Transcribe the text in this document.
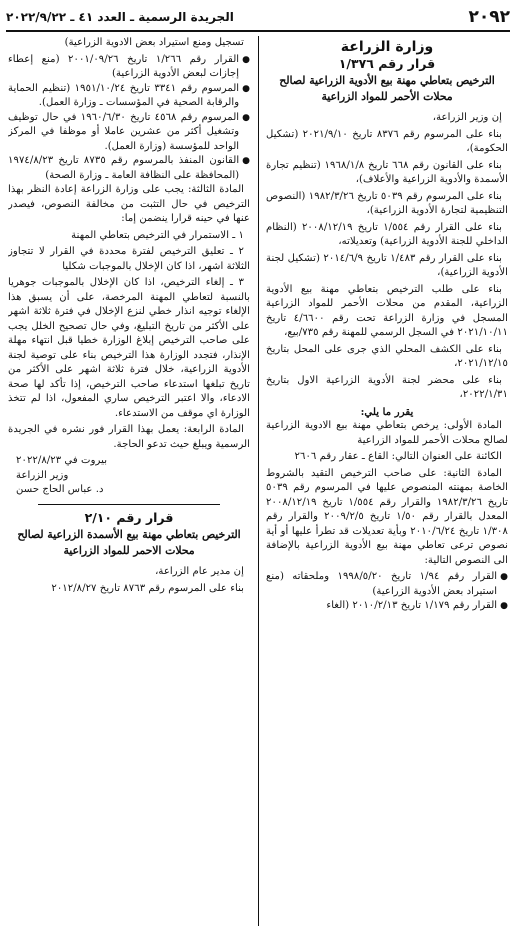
٢٠٩٢
الجريدة الرسمية ـ العدد ٤١ ـ ٢٠٢٢/٩/٢٢
وزارة الزراعة
قرار رقم ١/٣٧٦
الترخيص بتعاطي مهنة بيع الأدوية الزراعية لصالح محلات الأحمر للمواد الزراعية

إن وزير الزراعة،

بناء على المرسوم رقم ٨٣٧٦ تاريخ ٢٠٢١/٩/١٠ (تشكيل الحكومة)،

بناء على القانون رقم ٦٦٨ تاريخ ١٩٦٨/١/٨ (تنظيم تجارة الأسمدة والأدوية الزراعية والأعلاف)،

بناء على المرسوم رقم ٥٠٣٩ تاريخ ١٩٨٢/٣/٢٦ (النصوص التنظيمية لتجارة الأدوية الزراعية)،

بناء على القرار رقم ١/٥٥٤ تاريخ ٢٠٠٨/١٢/١٩ (النظام الداخلي للجنة الأدوية الزراعية) وتعديلاته،

بناء على القرار رقم ١/٤٨٣ تاريخ ٢٠١٤/٦/٩ (تشكيل لجنة الأدوية الزراعية)،

بناء على طلب الترخيص بتعاطي مهنة بيع الأدوية الزراعية، المقدم من محلات الأحمر للمواد الزراعية المسجل في وزارة الزراعة تحت رقم ٤/٦٦٠٠ تاريخ ٢٠٢١/١٠/١١ في السجل الرسمي للمهنة رقم ٧٣٥/بيع،

بناء على الكشف المحلي الذي جرى على المحل بتاريخ ٢٠٢١/١٢/١٥،

بناء على محضر لجنة الأدوية الزراعية الاول بتاريخ ٢٠٢٢/١/٣١،

يقرر ما يلي:

المادة الأولى: يرخص بتعاطي مهنة بيع الادوية الزراعية لصالح محلات الأحمر للمواد الزراعية

الكائنة على العنوان التالي: القاع ـ عقار رقم ٢٦٠٦

المادة الثانية: على صاحب الترخيص التقيد بالشروط الخاصة بمهنته المنصوص عليها في المرسوم رقم ٥٠٣٩ تاريخ ١٩٨٢/٣/٢٦ والقرار رقم ١/٥٥٤ تاريخ ٢٠٠٨/١٢/١٩ المعدل بالقرار رقم ١/٥٠ تاريخ ٢٠٠٩/٢/٥ والقرار رقم ١/٣٠٨ تاريخ ٢٠١٠/٦/٢٤ وبأية تعديلات قد تطرأ عليها أو أية نصوص ترعى تعاطي مهنة بيع الأدوية الزراعية بالإضافة الى النصوص التالية:

●
القرار رقم ١/٩٤ تاريخ ١٩٩٨/٥/٢٠ وملحقاته (منع استيراد بعض الأدوية الزراعية)
●
القرار رقم ١/١٧٩ تاريخ ٢٠١٠/٢/١٣ (الغاء

تسجيل ومنع استيراد بعض الادوية الزراعية)

●
القرار رقم ١/٢٦٦ تاريخ ٢٠٠١/٠٩/٢٦ (منع إعطاء إجازات لبعض الأدوية الزراعية)
●
المرسوم رقم ٣٣٤١ تاريخ ١٩٥١/١٠/٢٤ (تنظيم الحماية والرقابة الصحية في المؤسسات ـ وزارة العمل).
●
المرسوم رقم ٤٥٦٨ تاريخ ١٩٦٠/٦/٣٠ في حال توظيف وتشغيل أكثر من عشرين عاملا أو موظفا في المركز الواحد للمؤسسة (وزارة العمل).
●
القانون المنفذ بالمرسوم رقم ٨٧٣٥ تاريخ ١٩٧٤/٨/٢٣ (المحافظة على النظافة العامة ـ وزارة الصحة)

المادة الثالثة: يجب على وزارة الزراعة إعادة النظر بهذا الترخيص في حال التثبت من مخالفة النصوص، فيصدر عنها في حينه قرارا ينضمن إما:

١ ـ الاستمرار في الترخيص بتعاطي المهنة

٢ ـ تعليق الترخيص لفترة محددة في القرار لا تتجاوز الثلاثة اشهر، اذا كان الإخلال بالموجبات شكليا

٣ ـ إلغاء الترخيص، اذا كان الإخلال بالموجبات جوهريا بالنسبة لتعاطي المهنة المرخصة، على أن يسبق هذا الإلغاء توجيه انذار خطي لنزع الإخلال في فترة ثلاثة اشهر على الأكثر من تاريخ التبليغ، وفي حال تصحيح الخلل يجب على صاحب الترخيص إبلاغ الوزارة خطيا قبل انتهاء مهلة الإنذار، فتجدد الوزارة هذا الترخيص بناء على توصية لجنة الأدوية الزراعية، خلال فترة ثلاثة اشهر على الأكثر من تاريخ تبلغها استدعاء صاحب الترخيص، إذا تأكد لها صحة الادعاء، والا اعتبر الترخيص ساري المفعول، اذا لم تتخذ الوزارة اي موقف من الاستدعاء.

المادة الرابعة: يعمل بهذا القرار فور نشره في الجريدة الرسمية ويبلغ حيث تدعو الحاجة.

بيروت في ٢٠٢٢/٨/٢٣
وزير الزراعة
د. عباس الحاج حسن
قرار رقم ٢/١٠
الترخيص بتعاطي مهنة بيع الأسمدة الزراعية لصالح محلات الاحمر للمواد الزراعية

إن مدير عام الزراعة،

بناء على المرسوم رقم ٨٧٦٣ تاريخ ٢٠١٢/٨/٢٧
